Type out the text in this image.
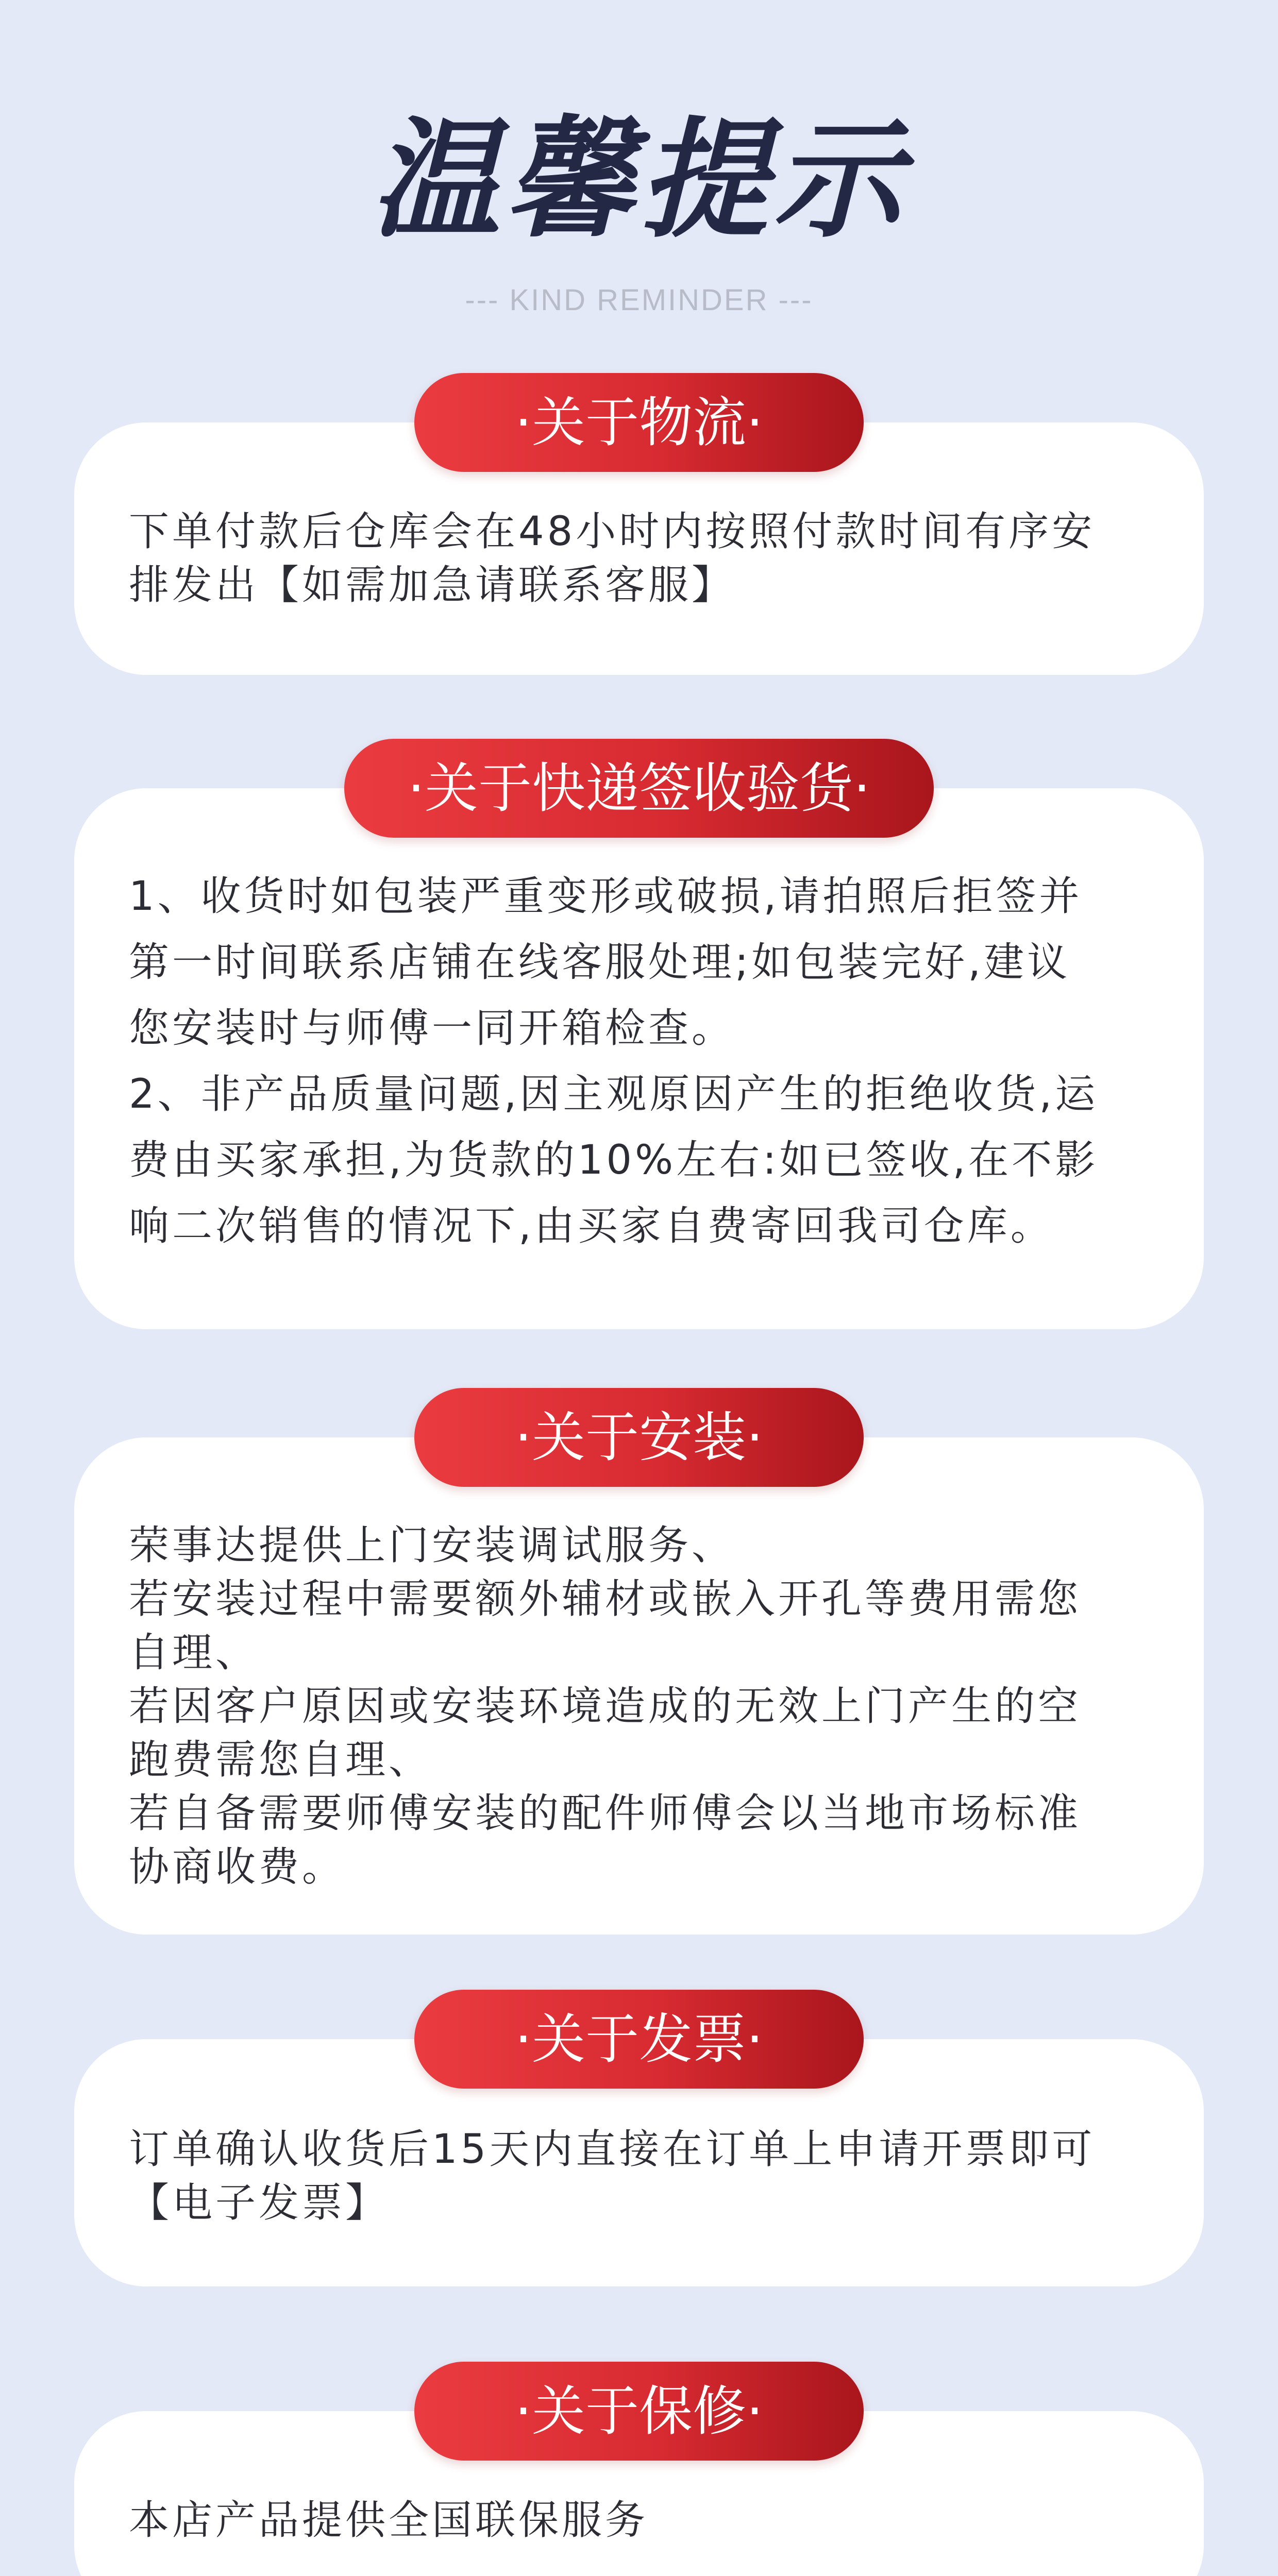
温馨提示
--- KIND REMINDER ---
·关于物流·
下单付款后仓库会在48小时内按照付款时间有序安
排发出【如需加急请联系客服】
·关于快递签收验货·
1、收货时如包装严重变形或破损,请拍照后拒签并
第一时间联系店铺在线客服处理;如包装完好,建议
您安装时与师傅一同开箱检查。
2、非产品质量问题,因主观原因产生的拒绝收货,运
费由买家承担,为货款的10%左右:如已签收,在不影
响二次销售的情况下,由买家自费寄回我司仓库。
·关于安装·
荣事达提供上门安装调试服务、
若安装过程中需要额外辅材或嵌入开孔等费用需您
自理、
若因客户原因或安装环境造成的无效上门产生的空
跑费需您自理、
若自备需要师傅安装的配件师傅会以当地市场标准
协商收费。
·关于发票·
订单确认收货后15天内直接在订单上申请开票即可
【电子发票】
·关于保修·
本店产品提供全国联保服务
